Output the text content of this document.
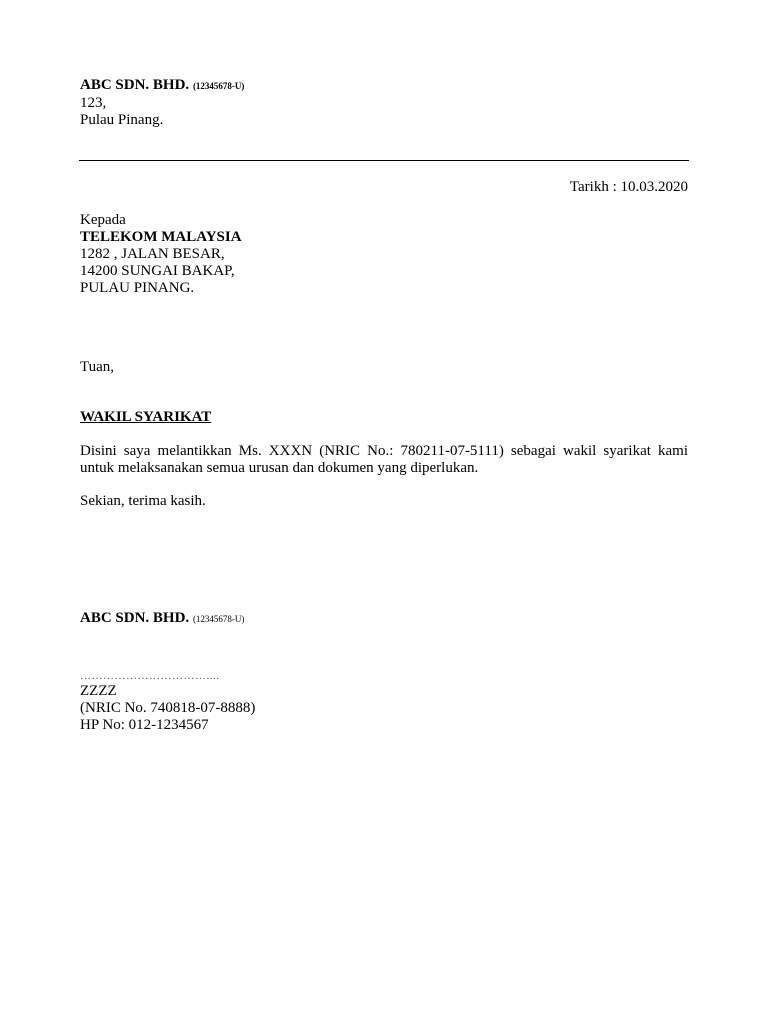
ABC SDN. BHD. (12345678-U)
123,
Pulau Pinang.
Tarikh : 10.03.2020
Kepada
TELEKOM MALAYSIA
1282 , JALAN BESAR,
14200 SUNGAI BAKAP,
PULAU PINANG.
Tuan,
WAKIL SYARIKAT
Disini saya melantikkan Ms. XXXN (NRIC No.: 780211-07-5111) sebagai wakil syarikat kami untuk melaksanakan semua urusan dan dokumen yang diperlukan.
Sekian, terima kasih.
ABC SDN. BHD. (12345678-U)
……………………………....
ZZZZ
(NRIC No. 740818-07-8888)
HP No: 012-1234567
